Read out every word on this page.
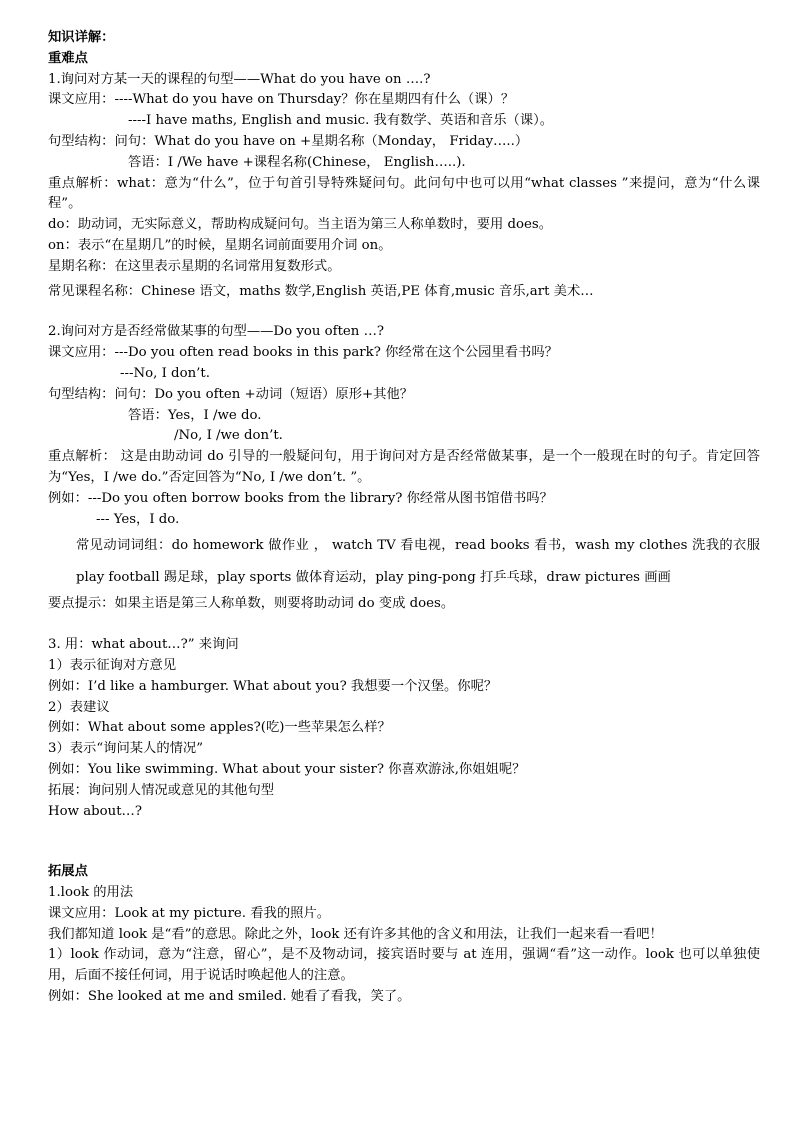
知识详解：
重难点
1.询问对方某一天的课程的句型——What do you have on ….?
课文应用：----What do you have on Thursday？你在星期四有什么（课）？
----I have maths, English and music. 我有数学、英语和音乐（课）。
句型结构：问句：What do you have on +星期名称（Monday， Friday…..）
答语：I /We have +课程名称(Chinese， English…..).
重点解析：what：意为“什么”，位于句首引导特殊疑问句。此问句中也可以用“what classes ”来提问，意为“什么课程”。
do：助动词，无实际意义，帮助构成疑问句。当主语为第三人称单数时，要用 does。
on：表示“在星期几”的时候，星期名词前面要用介词 on。
星期名称：在这里表示星期的名词常用复数形式。
常见课程名称：Chinese 语文，maths 数学,English 英语,PE 体育,music 音乐,art 美术…
2.询问对方是否经常做某事的句型——Do you often …?
课文应用：---Do you often read books in this park? 你经常在这个公园里看书吗？
---No, I don’t.
句型结构：问句：Do you often +动词（短语）原形+其他？
答语：Yes，I /we do.
/No, I /we don’t.
重点解析： 这是由助动词 do 引导的一般疑问句，用于询问对方是否经常做某事，是一个一般现在时的句子。肯定回答为“Yes，I /we do.”否定回答为“No, I /we don’t. ”。
例如：---Do you often borrow books from the library? 你经常从图书馆借书吗？
--- Yes，I do.
常见动词词组：do homework 做作业 ， watch TV 看电视，read books 看书，wash my clothes 洗我的衣服 play football 踢足球，play sports 做体育运动，play ping-pong 打乒乓球，draw pictures 画画
要点提示：如果主语是第三人称单数，则要将助动词 do 变成 does。
3. 用：what about…?” 来询问
1）表示征询对方意见
例如：I’d like a hamburger. What about you? 我想要一个汉堡。你呢？
2）表建议
例如：What about some apples?(吃)一些苹果怎么样？
3）表示“询问某人的情况”
例如：You like swimming. What about your sister? 你喜欢游泳,你姐姐呢？
拓展：询问别人情况或意见的其他句型
How about…?
拓展点
1.look 的用法
课文应用：Look at my picture. 看我的照片。
我们都知道 look 是“看”的意思。除此之外，look 还有许多其他的含义和用法，让我们一起来看一看吧！
1）look 作动词，意为“注意，留心”，是不及物动词，接宾语时要与 at 连用，强调“看”这一动作。look 也可以单独使用，后面不接任何词，用于说话时唤起他人的注意。
例如：She looked at me and smiled. 她看了看我，笑了。
